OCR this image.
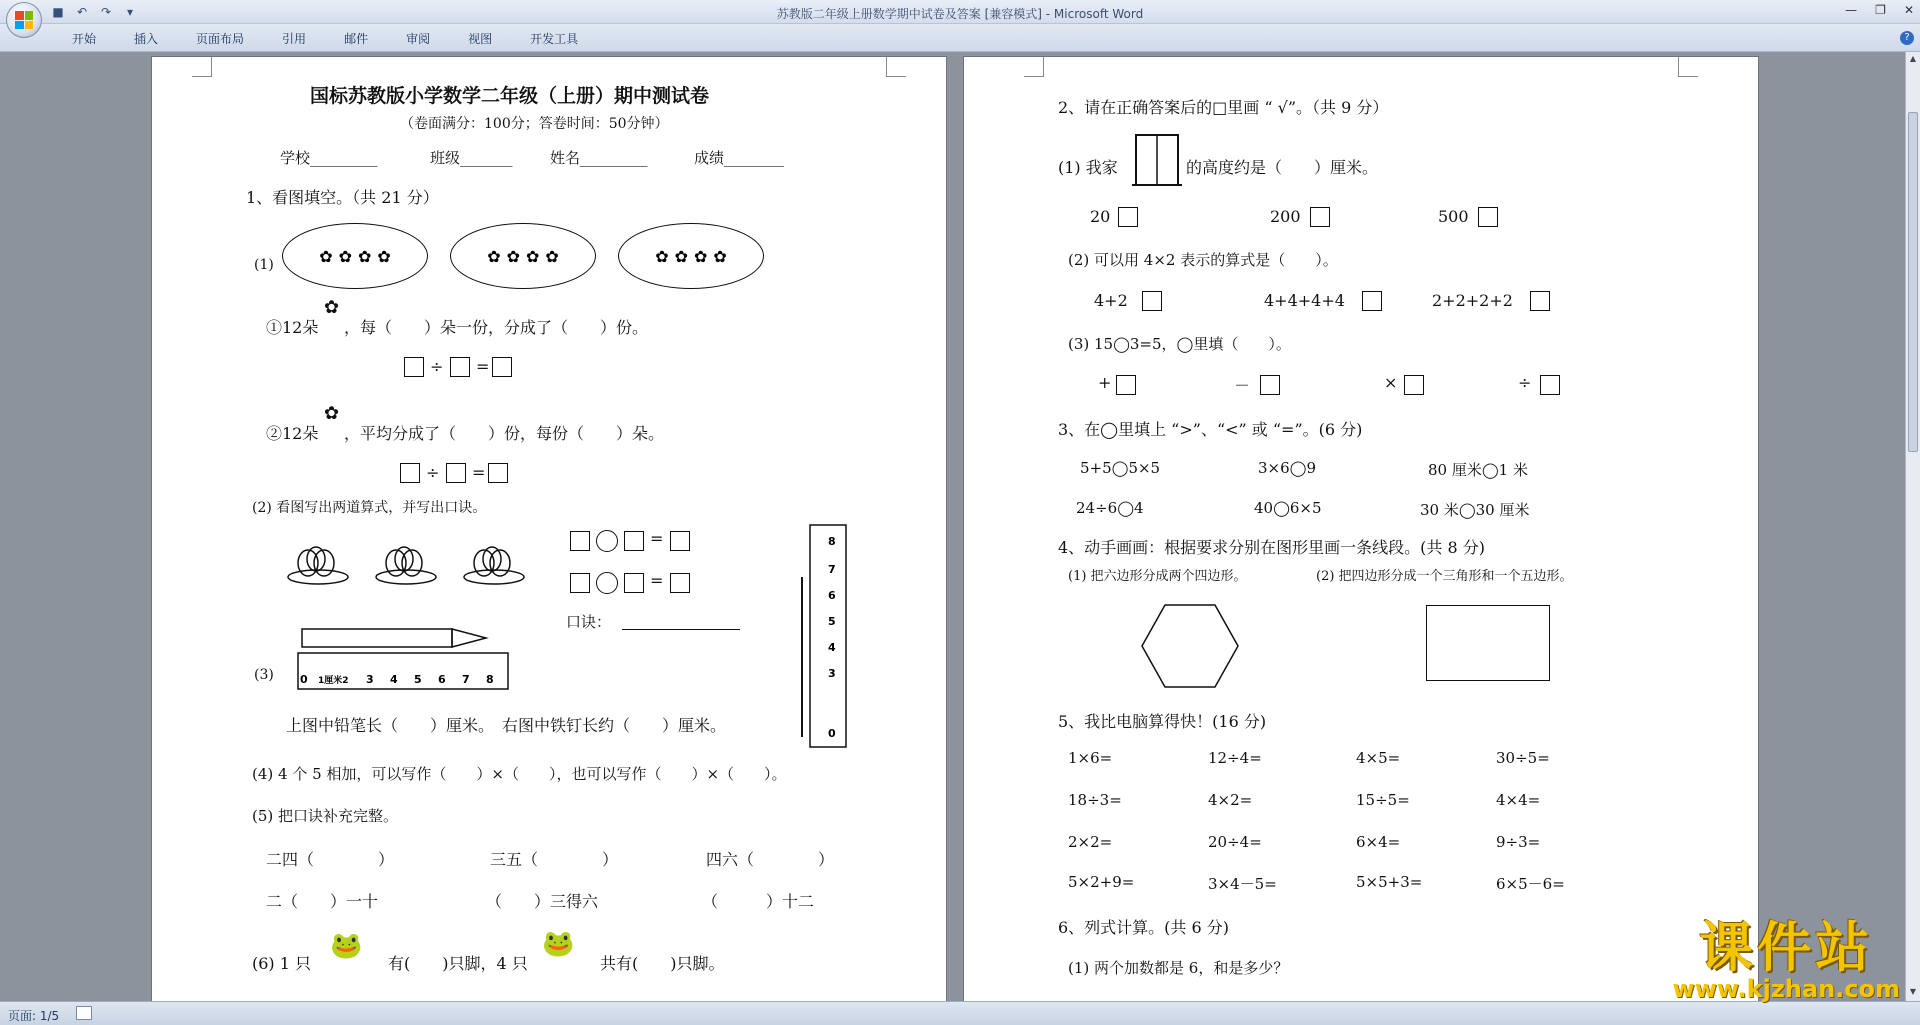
■ ↶ ↷	▾	苏教版二年级上册数学期中试卷及答案 [兼容模式] - Microsoft Word	— ❐ ✕
开始	插入	页面布局	引用	邮件	审阅	视图	开发工具	?
国标苏教版小学数学二年级（上册）期中测试卷
（卷面满分：100分；答卷时间：50分钟）
学校_________	班级_______ 姓名_________	成绩________
1、看图填空。（共 21 分）
(1)	✿ ✿ ✿ ✿	✿ ✿ ✿ ✿	✿ ✿ ✿ ✿
①12朵
✿
，每（　　）朵一份，分成了（　　）份。
÷ =
②12朵
✿
，平均分成了（　　）份，每份（　　）朵。
÷ =
(2) 看图写出两道算式，并写出口诀。
=
=
口诀：
(3) 0 1厘米2 3 4 5 6 7 8
8
7
6
5
4
3
0
上图中铅笔长（　　）厘米。　右图中铁钉长约（　　）厘米。
(4) 4 个 5 相加，可以写作（　　）×（　　），也可以写作（　　）×（　　）。
(5) 把口诀补充完整。
二四（　　　　）	三五（　　　　）	四六（　　　　）
二（　　）一十	（　　）三得六	（　　　）十二
(6) 1 只
🐸
有(　　)只脚，4 只
🐸
共有(　　)只脚。
2、请在正确答案后的□里画 “ √”。（共 9 分）
(1) 我家	的高度约是（　　）厘米。
20	200	500
(2) 可以用 4×2 表示的算式是（　　）。
4+2	4+4+4+4	2+2+2+2
(3) 15◯3=5，◯里填（　　）。
+	－	×	÷
3、在◯里填上 “>”、“<” 或 “=”。(6 分)
5+5◯5×5	3×6◯9	80 厘米◯1 米
24÷6◯4	40◯6×5	30 米◯30 厘米
4、动手画画：根据要求分别在图形里画一条线段。(共 8 分)
(1) 把六边形分成两个四边形。	(2) 把四边形分成一个三角形和一个五边形。
5、我比电脑算得快！(16 分)
1×6=	12÷4=	4×5=	30÷5=
18÷3=	4×2=	15÷5=	4×4=
2×2=	20÷4=	6×4=	9÷3=
5×2+9=	3×4－5=	5×5+3=	6×5－6=
6、列式计算。(共 6 分)
(1) 两个加数都是 6，和是多少？
▲
▼
页面: 1/5
课件站
www.kjzhan.com
